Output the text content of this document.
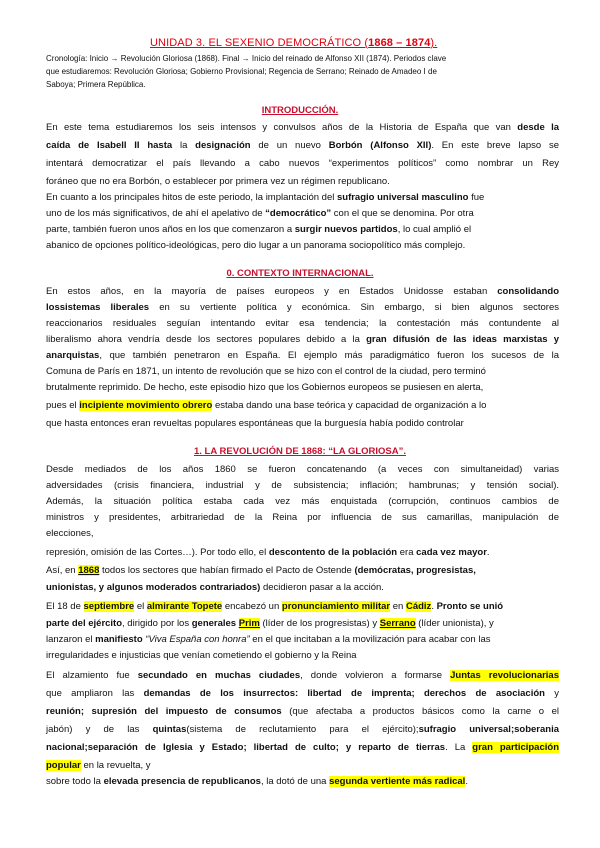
UNIDAD 3. EL SEXENIO DEMOCRÁTICO (1868 – 1874).
Cronología: Inicio → Revolución Gloriosa (1868). Final → Inicio del reinado de Alfonso XII (1874). Periodos clave
que estudiaremos: Revolución Gloriosa; Gobierno Provisional; Regencia de Serrano; Reinado de Amadeo I de
Saboya; Primera República.
INTRODUCCIÓN.
En este tema estudiaremos los seis intensos y convulsos años de la Historia de España que van desde la
caída de Isabell II hasta la designación de un nuevo Borbón (Alfonso XII). En este breve lapso se
intentará democratizar el país llevando a cabo nuevos “experimentos políticos” como nombrar un Rey
foráneo que no era Borbón, o establecer por primera vez un régimen republicano.
En cuanto a los principales hitos de este periodo, la implantación del sufragio universal masculino fue
uno de los más significativos, de ahí el apelativo de “democrático” con el que se denomina. Por otra
parte, también fueron unos años en los que comenzaron a surgir nuevos partidos, lo cual amplió el
abanico de opciones político-ideológicas, pero dio lugar a un panorama sociopolítico más complejo.
0. CONTEXTO INTERNACIONAL.
En estos años, en la mayoría de países europeos y en Estados Unidosse estaban consolidando
lossistemas liberales en su vertiente política y económica. Sin embargo, si bien algunos sectores
reaccionarios residuales seguían intentando evitar esa tendencia; la contestación más contundente al
liberalismo ahora vendría desde los sectores populares debido a la gran difusión de las ideas marxistas y
anarquistas, que también penetraron en España. El ejemplo más paradigmático fueron los sucesos de la
Comuna de París en 1871, un intento de revolución que se hizo con el control de la ciudad, pero terminó
brutalmente reprimido. De hecho, este episodio hizo que los Gobiernos europeos se pusiesen en alerta,
pues el incipiente movimiento obrero estaba dando una base teórica y capacidad de organización a lo
que hasta entonces eran revueltas populares espontáneas que la burguesía había podido controlar
1. LA REVOLUCIÓN DE 1868: “LA GLORIOSA”.
Desde mediados de los años 1860 se fueron concatenando (a veces con simultaneidad) varias
adversidades (crisis financiera, industrial y de subsistencia; inflación; hambrunas; y tensión social).
Además, la situación política estaba cada vez más enquistada (corrupción, continuos cambios de
ministros y presidentes, arbitrariedad de la Reina por influencia de sus camarillas, manipulación de
elecciones,
represión, omisión de las Cortes…). Por todo ello, el descontento de la población era cada vez mayor.
Así, en 1868 todos los sectores que habían firmado el Pacto de Ostende (demócratas, progresistas,
unionistas, y algunos moderados contrariados) decidieron pasar a la acción.
El 18 de septiembre el almirante Topete encabezó un pronunciamiento militar en Cádiz. Pronto se unió
parte del ejército, dirigido por los generales Prim (líder de los progresistas) y Serrano (líder unionista), y
lanzaron el manifiesto “Viva España con honra” en el que incitaban a la movilización para acabar con las
irregularidades e injusticias que venían cometiendo el gobierno y la Reina
El alzamiento fue secundado en muchas ciudades, donde volvieron a formarse Juntas revolucionarias
que ampliaron las demandas de los insurrectos: libertad de imprenta; derechos de asociación y
reunión; supresión del impuesto de consumos (que afectaba a productos básicos como la carne o el
jabón) y de las quintas(sistema de reclutamiento para el ejército);sufragio universal;soberania
nacional;separación de Iglesia y Estado; libertad de culto; y reparto de tierras. La gran participación
popular en la revuelta, y
sobre todo la elevada presencia de republicanos, la dotó de una segunda vertiente más radical.
